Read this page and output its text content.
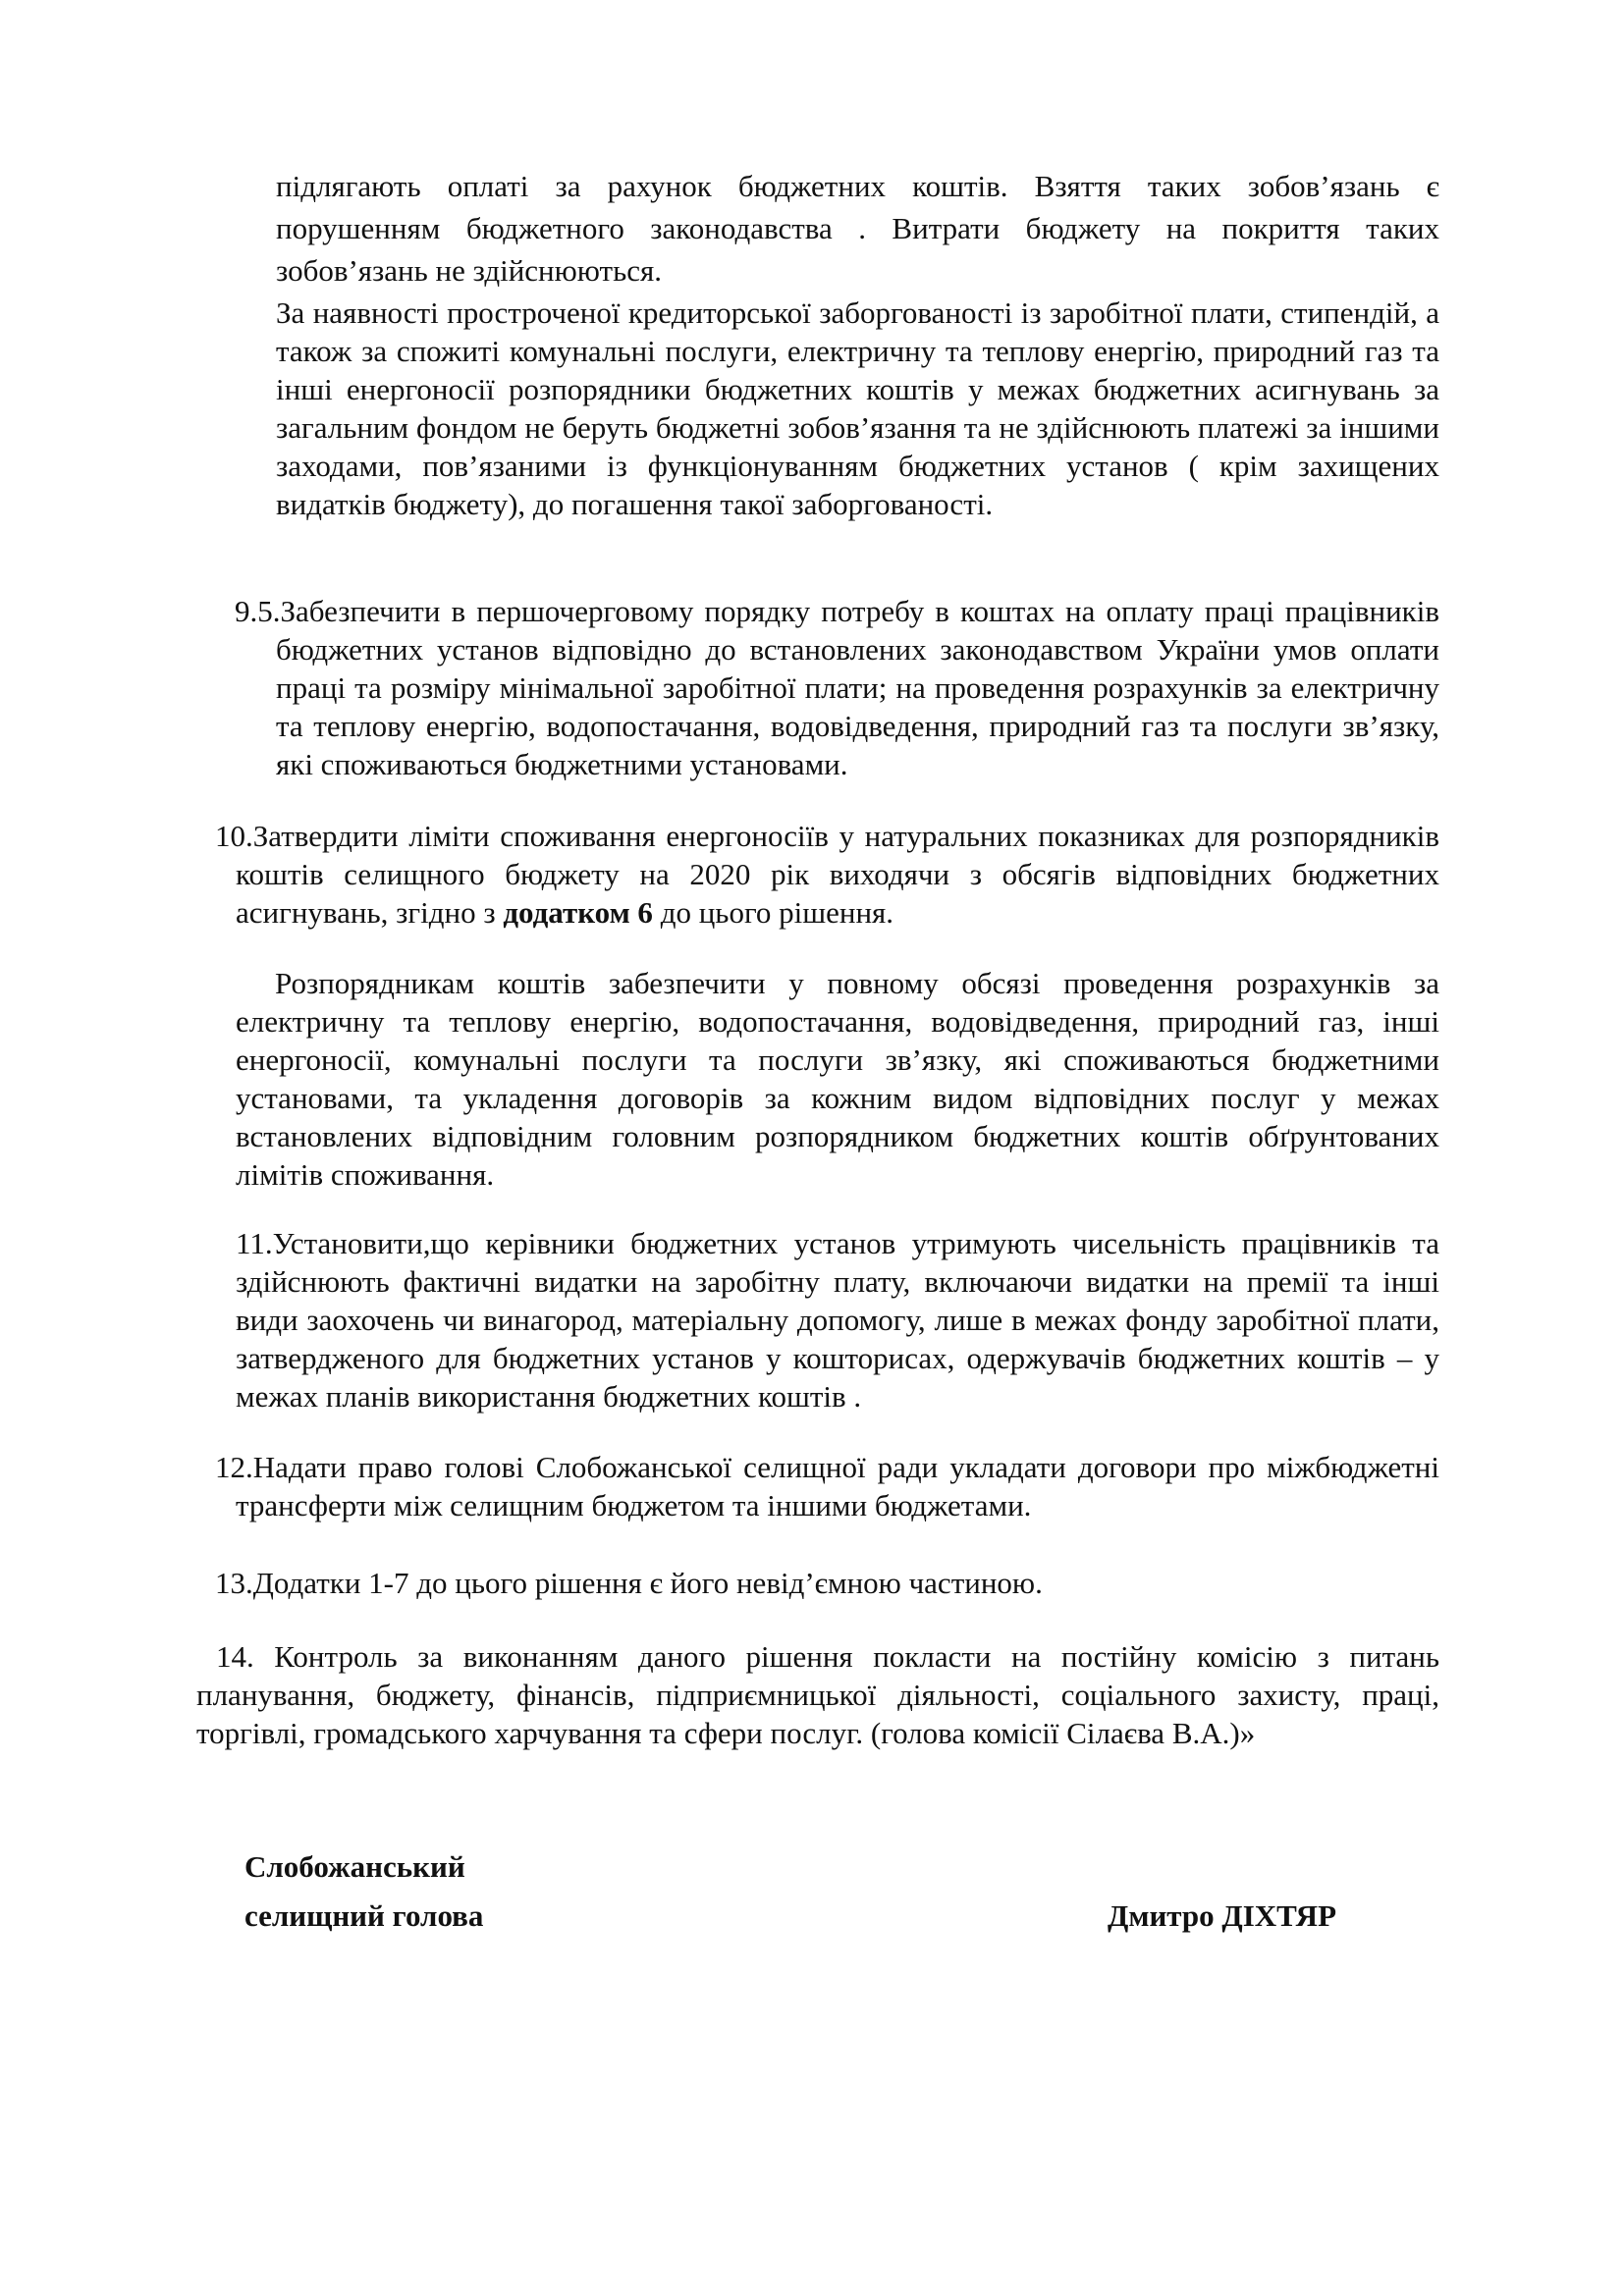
підлягають оплаті за рахунок бюджетних коштів. Взяття таких зобов’язань є порушенням бюджетного законодавства . Витрати бюджету на покриття таких зобов’язань не здійснюються.

За наявності простроченої кредиторської заборгованості із заробітної плати, стипендій, а також за спожиті комунальні послуги, електричну та теплову енергію, природний газ та інші енергоносії розпорядники бюджетних коштів у межах бюджетних асигнувань за загальним фондом не беруть бюджетні зобов’язання та не здійснюють платежі за іншими заходами, пов’язаними із функціонуванням бюджетних установ ( крім захищених видатків бюджету), до погашення такої заборгованості.

9.5.Забезпечити в першочерговому порядку потребу в коштах на оплату праці працівників бюджетних установ відповідно до встановлених законодавством України умов оплати праці та розміру мінімальної заробітної плати; на проведення розрахунків за електричну та теплову енергію, водопостачання, водовідведення, природний газ та послуги зв’язку, які споживаються бюджетними установами.

10.Затвердити ліміти споживання енергоносіїв у натуральних показниках для розпорядників коштів селищного бюджету на 2020 рік виходячи з обсягів відповідних бюджетних асигнувань, згідно з додатком 6 до цього рішення.

Розпорядникам коштів забезпечити у повному обсязі проведення розрахунків за електричну та теплову енергію, водопостачання, водовідведення, природний газ, інші енергоносії, комунальні послуги та послуги зв’язку, які споживаються бюджетними установами, та укладення договорів за кожним видом відповідних послуг у межах встановлених відповідним головним розпорядником бюджетних коштів обґрунтованих лімітів споживання.

11.Установити,що керівники бюджетних установ утримують чисельність працівників та здійснюють фактичні видатки на заробітну плату, включаючи видатки на премії та інші види заохочень чи винагород, матеріальну допомогу, лише в межах фонду заробітної плати, затвердженого для бюджетних установ у кошторисах, одержувачів бюджетних коштів – у межах планів використання бюджетних коштів .

12.Надати право голові Слобожанської селищної ради укладати договори про міжбюджетні трансферти між селищним бюджетом та іншими бюджетами.

13.Додатки 1-7 до цього рішення є його невід’ємною частиною.

14. Контроль за виконанням даного рішення покласти на постійну комісію з питань планування, бюджету, фінансів, підприємницької діяльності, соціального захисту, праці, торгівлі, громадського харчування та сфери послуг. (голова комісії Сілаєва В.А.)»

Слобожанський
селищний голова	Дмитро ДІХТЯР
